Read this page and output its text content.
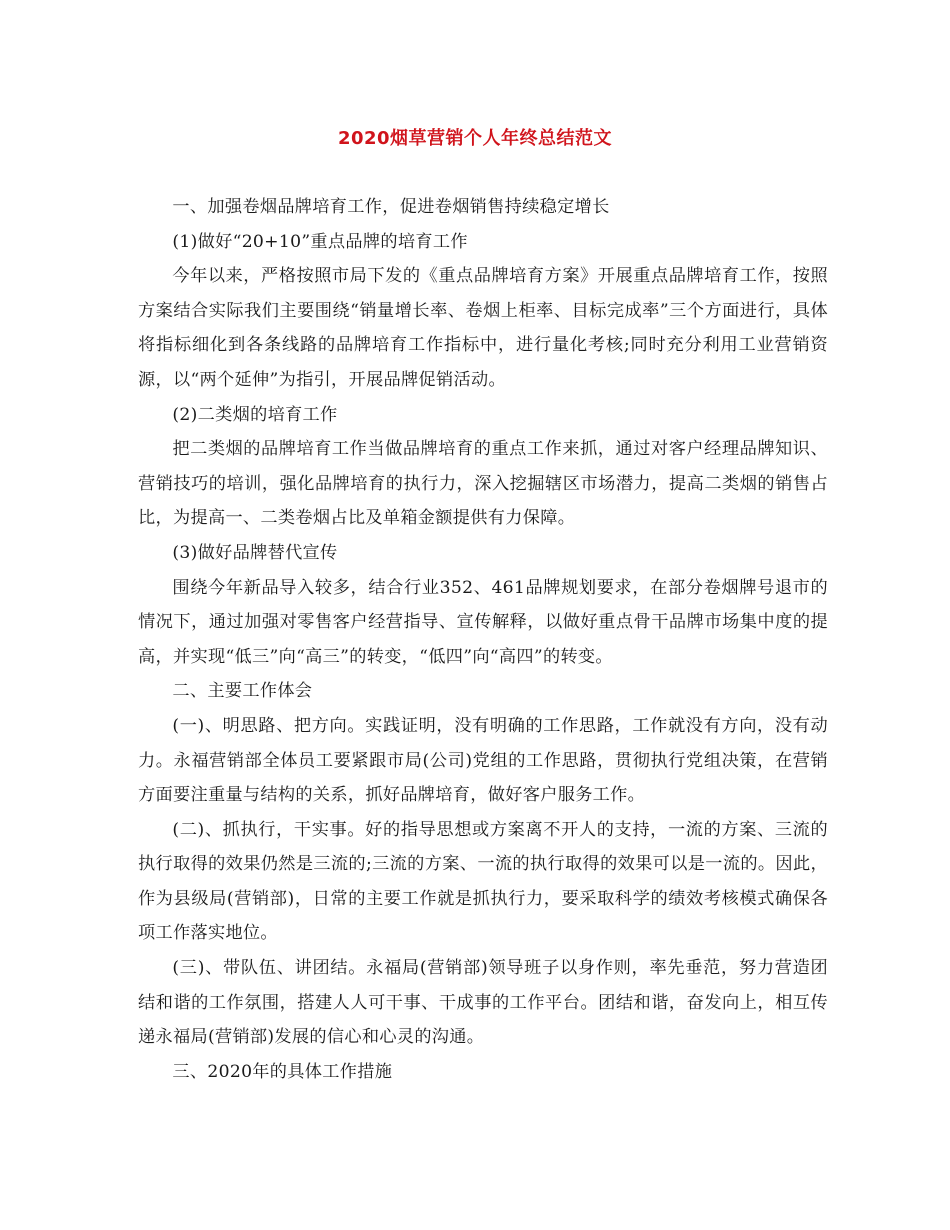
2020烟草营销个人年终总结范文

一、加强卷烟品牌培育工作，促进卷烟销售持续稳定增长

(1)做好“20+10”重点品牌的培育工作

今年以来，严格按照市局下发的《重点品牌培育方案》开展重点品牌培育工作，按照方案结合实际我们主要围绕“销量增长率、卷烟上柜率、目标完成率”三个方面进行，具体将指标细化到各条线路的品牌培育工作指标中，进行量化考核;同时充分利用工业营销资源，以“两个延伸”为指引，开展品牌促销活动。

(2)二类烟的培育工作

把二类烟的品牌培育工作当做品牌培育的重点工作来抓，通过对客户经理品牌知识、营销技巧的培训，强化品牌培育的执行力，深入挖掘辖区市场潜力，提高二类烟的销售占比，为提高一、二类卷烟占比及单箱金额提供有力保障。

(3)做好品牌替代宣传

围绕今年新品导入较多，结合行业352、461品牌规划要求，在部分卷烟牌号退市的情况下，通过加强对零售客户经营指导、宣传解释，以做好重点骨干品牌市场集中度的提高，并实现“低三”向“高三”的转变，“低四”向“高四”的转变。

二、主要工作体会

(一)、明思路、把方向。实践证明，没有明确的工作思路，工作就没有方向，没有动力。永福营销部全体员工要紧跟市局(公司)党组的工作思路，贯彻执行党组决策，在营销方面要注重量与结构的关系，抓好品牌培育，做好客户服务工作。

(二)、抓执行，干实事。好的指导思想或方案离不开人的支持，一流的方案、三流的执行取得的效果仍然是三流的;三流的方案、一流的执行取得的效果可以是一流的。因此，作为县级局(营销部)，日常的主要工作就是抓执行力，要采取科学的绩效考核模式确保各项工作落实地位。

(三)、带队伍、讲团结。永福局(营销部)领导班子以身作则，率先垂范，努力营造团结和谐的工作氛围，搭建人人可干事、干成事的工作平台。团结和谐，奋发向上，相互传递永福局(营销部)发展的信心和心灵的沟通。

三、2020年的具体工作措施
